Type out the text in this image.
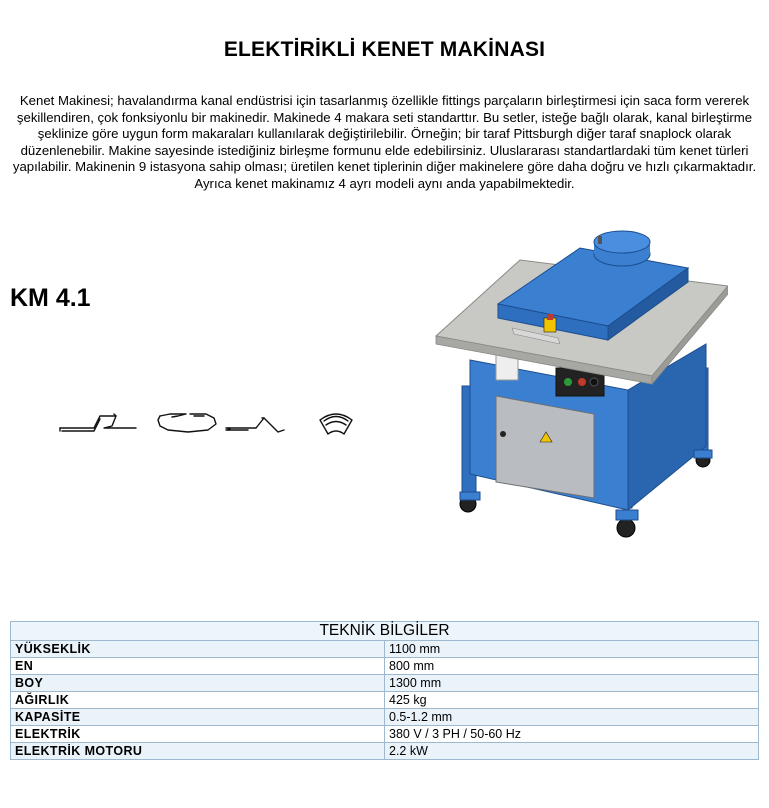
ELEKTİRİKLİ KENET MAKİNASI
Kenet Makinesi; havalandırma kanal endüstrisi için tasarlanmış özellikle fittings parçaların birleştirmesi için saca form vererek şekillendiren, çok fonksiyonlu bir makinedir. Makinede 4 makara seti standarttır. Bu setler, isteğe bağlı olarak, kanal birleştirme şeklinize göre uygun form makaraları kullanılarak değiştirilebilir. Örneğin; bir taraf Pittsburgh diğer taraf snaplock olarak düzenlenebilir. Makine sayesinde istediğiniz birleşme formunu elde edebilirsiniz. Uluslararası standartlardaki tüm kenet türleri yapılabilir. Makinenin 9 istasyona sahip olması; üretilen kenet tiplerinin diğer makinelere göre daha doğru ve hızlı çıkarmaktadır. Ayrıca kenet makinamız 4 ayrı modeli aynı anda yapabilmektedir.
KM 4.1
TEKNİK BİLGİLER	
YÜKSEKLİK	1100 mm
EN	800 mm
BOY	1300 mm
AĞIRLIK	425 kg
KAPASİTE	0.5-1.2 mm
ELEKTRİK	380 V / 3 PH / 50-60 Hz
ELEKTRİK MOTORU	2.2 kW
